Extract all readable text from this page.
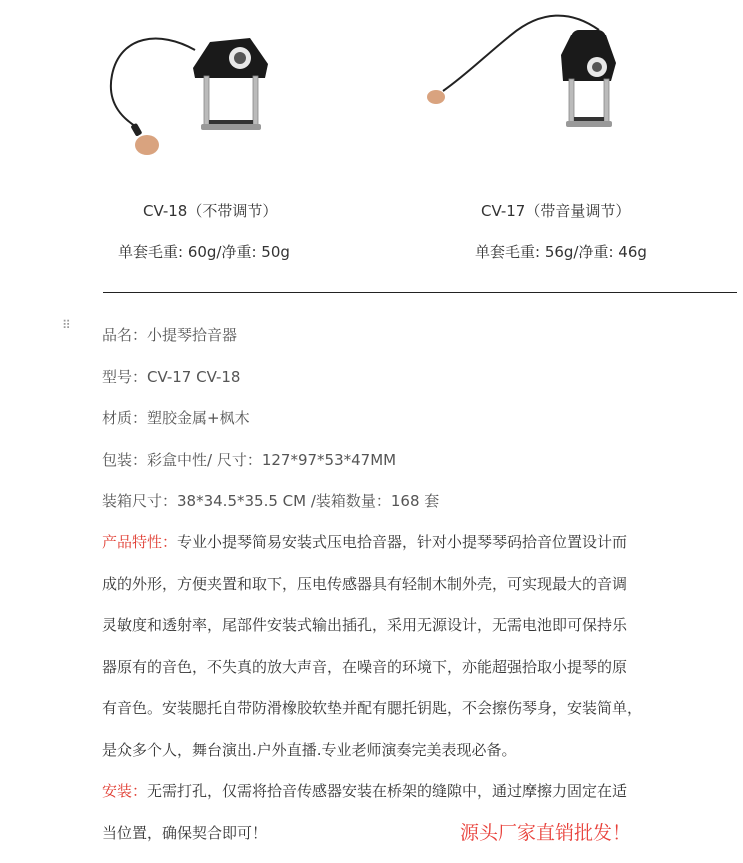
CV-18（不带调节）
单套毛重: 60g/净重: 50g
CV-17（带音量调节）
单套毛重: 56g/净重: 46g
⠿
品名：小提琴拾音器
型号：CV-17 CV-18
材质：塑胶金属+枫木
包装：彩盒中性/ 尺寸：127*97*53*47MM
装箱尺寸：38*34.5*35.5 CM /装箱数量：168 套
产品特性：专业小提琴简易安装式压电拾音器，针对小提琴琴码拾音位置设计而
成的外形，方便夹置和取下，压电传感器具有轻制木制外壳，可实现最大的音调
灵敏度和透射率，尾部件安装式输出插孔，采用无源设计，无需电池即可保持乐
器原有的音色，不失真的放大声音，在噪音的环境下，亦能超强拾取小提琴的原
有音色。安装腮托自带防滑橡胶软垫并配有腮托钥匙，不会擦伤琴身，安装简单，
是众多个人，舞台演出.户外直播.专业老师演奏完美表现必备。
安装：无需打孔，仅需将拾音传感器安装在桥架的缝隙中，通过摩擦力固定在适
当位置，确保契合即可！	源头厂家直销批发！
